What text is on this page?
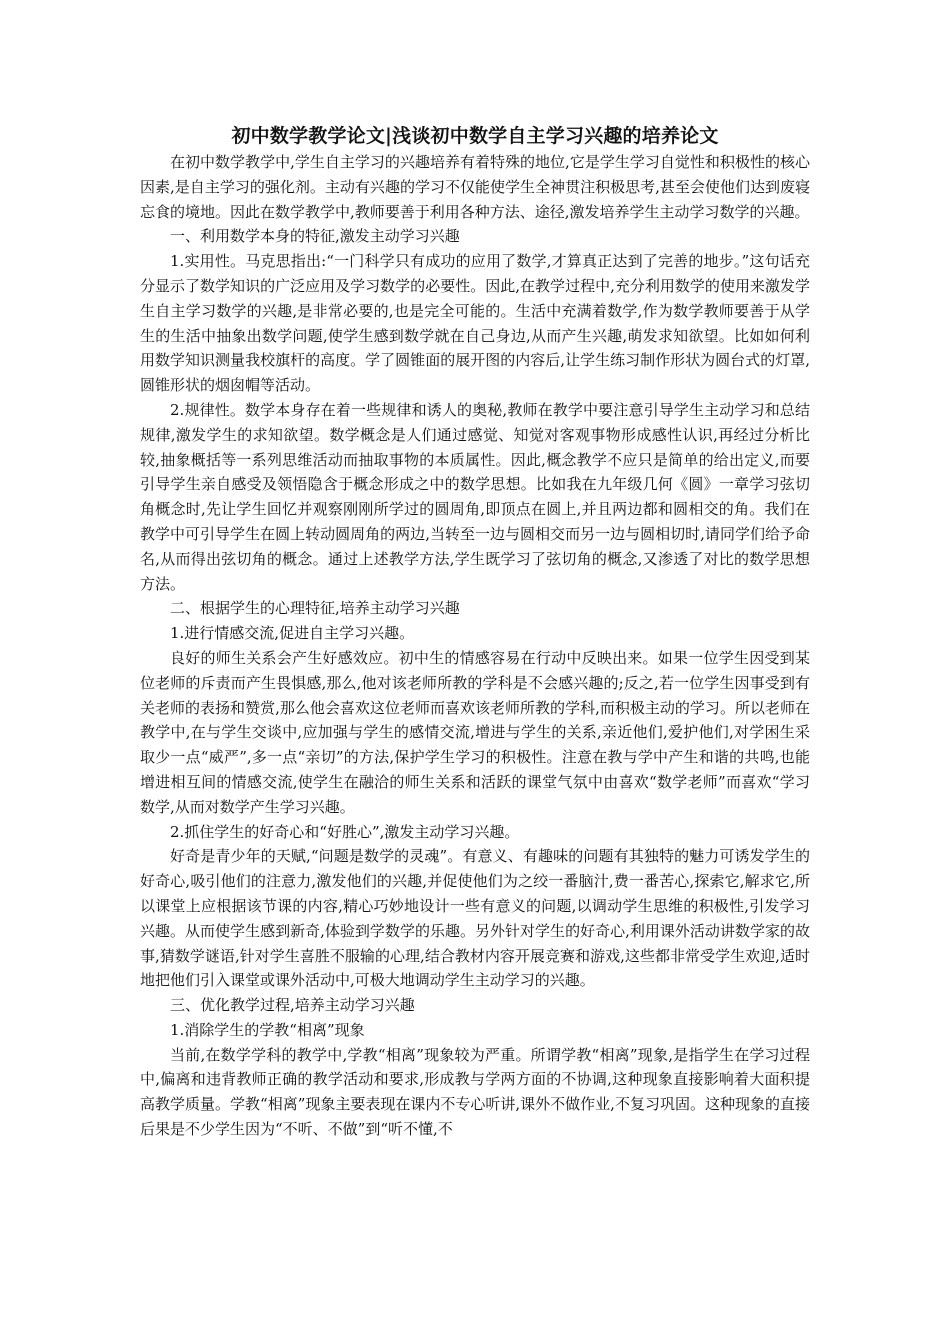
初中数学教学论文|浅谈初中数学自主学习兴趣的培养论文

在初中数学教学中,学生自主学习的兴趣培养有着特殊的地位,它是学生学习自觉性和积极性的核心因素,是自主学习的强化剂。主动有兴趣的学习不仅能使学生全神贯注积极思考,甚至会使他们达到废寝忘食的境地。因此在数学教学中,教师要善于利用各种方法、途径,激发培养学生主动学习数学的兴趣。

一、利用数学本身的特征,激发主动学习兴趣

1.实用性。马克思指出:“一门科学只有成功的应用了数学,才算真正达到了完善的地步。”这句话充分显示了数学知识的广泛应用及学习数学的必要性。因此,在教学过程中,充分利用数学的使用来激发学生自主学习数学的兴趣,是非常必要的,也是完全可能的。生活中充满着数学,作为数学教师要善于从学生的生活中抽象出数学问题,使学生感到数学就在自己身边,从而产生兴趣,萌发求知欲望。比如如何利用数学知识测量我校旗杆的高度。学了圆锥面的展开图的内容后,让学生练习制作形状为圆台式的灯罩,圆锥形状的烟囱帽等活动。

2.规律性。数学本身存在着一些规律和诱人的奥秘,教师在教学中要注意引导学生主动学习和总结规律,激发学生的求知欲望。数学概念是人们通过感觉、知觉对客观事物形成感性认识,再经过分析比较,抽象概括等一系列思维活动而抽取事物的本质属性。因此,概念教学不应只是简单的给出定义,而要引导学生亲自感受及领悟隐含于概念形成之中的数学思想。比如我在九年级几何《圆》一章学习弦切角概念时,先让学生回忆并观察刚刚所学过的圆周角,即顶点在圆上,并且两边都和圆相交的角。我们在教学中可引导学生在圆上转动圆周角的两边,当转至一边与圆相交而另一边与圆相切时,请同学们给予命名,从而得出弦切角的概念。通过上述教学方法,学生既学习了弦切角的概念,又渗透了对比的数学思想方法。

二、根据学生的心理特征,培养主动学习兴趣

1.进行情感交流,促进自主学习兴趣。

良好的师生关系会产生好感效应。初中生的情感容易在行动中反映出来。如果一位学生因受到某位老师的斥责而产生畏惧感,那么,他对该老师所教的学科是不会感兴趣的;反之,若一位学生因事受到有关老师的表扬和赞赏,那么他会喜欢这位老师而喜欢该老师所教的学科,而积极主动的学习。所以老师在教学中,在与学生交谈中,应加强与学生的感情交流,增进与学生的关系,亲近他们,爱护他们,对学困生采取少一点“威严”,多一点“亲切”的方法,保护学生学习的积极性。注意在教与学中产生和谐的共鸣,也能增进相互间的情感交流,使学生在融洽的师生关系和活跃的课堂气氛中由喜欢“数学老师”而喜欢“学习数学,从而对数学产生学习兴趣。

2.抓住学生的好奇心和“好胜心”,激发主动学习兴趣。

好奇是青少年的天赋,“问题是数学的灵魂”。有意义、有趣味的问题有其独特的魅力可诱发学生的好奇心,吸引他们的注意力,激发他们的兴趣,并促使他们为之绞一番脑汁,费一番苦心,探索它,解求它,所以课堂上应根据该节课的内容,精心巧妙地设计一些有意义的问题,以调动学生思维的积极性,引发学习兴趣。从而使学生感到新奇,体验到学数学的乐趣。另外针对学生的好奇心,利用课外活动讲数学家的故事,猜数学谜语,针对学生喜胜不服输的心理,结合教材内容开展竞赛和游戏,这些都非常受学生欢迎,适时地把他们引入课堂或课外活动中,可极大地调动学生主动学习的兴趣。

三、优化教学过程,培养主动学习兴趣

1.消除学生的学教“相离”现象

当前,在数学学科的教学中,学教“相离”现象较为严重。所谓学教“相离”现象,是指学生在学习过程中,偏离和违背教师正确的教学活动和要求,形成教与学两方面的不协调,这种现象直接影响着大面积提高教学质量。学教“相离”现象主要表现在课内不专心听讲,课外不做作业,不复习巩固。这种现象的直接后果是不少学生因为“不听、不做”到“听不懂,不
